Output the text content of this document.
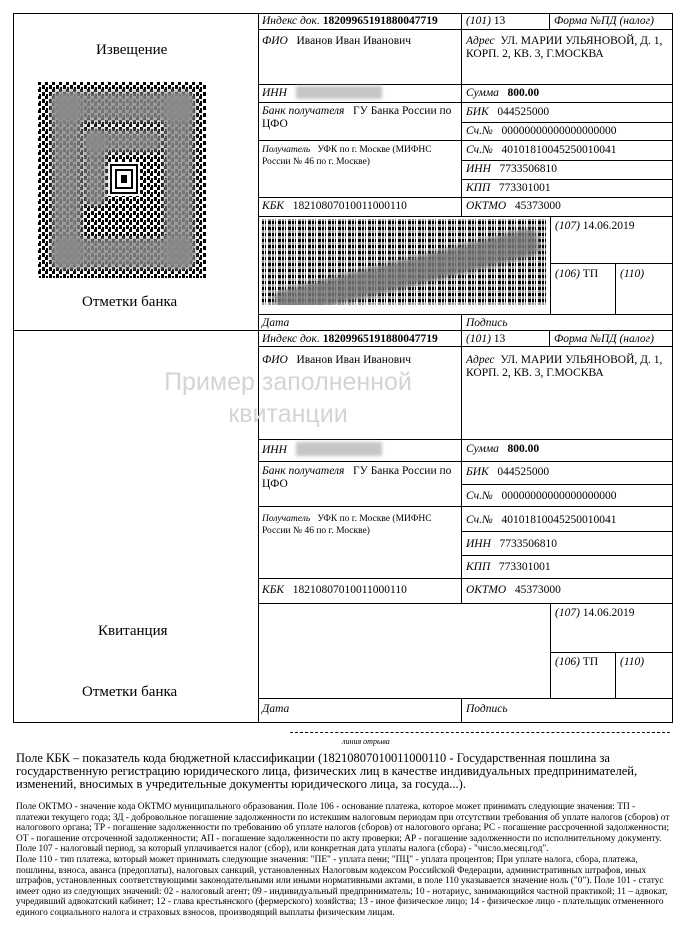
Извещение
Отметки банка
Индекс док. 18209965191880047719 (101) 13	Форма №ПД (налог)
ФИО Иванов Иван Иванович	Адрес УЛ. МАРИИ УЛЬЯНОВОЙ, Д. 1, КОРП. 2, КВ. 3, Г.МОСКВА
ИНН	Сумма 800.00
Банк получателя ГУ Банка России по ЦФО
БИК 044525000
Сч.№ 00000000000000000000
Получатель УФК по г. Москве (МИФНС России № 46 по г. Москве)
Сч.№ 40101810045250010041
ИНН 7733506810
КПП 773301001
КБК 18210807010011000110	ОКТМО 45373000
(107) 14.06.2019
(106) ТП (110)
Дата	Подпись
Пример заполненной квитанции
Индекс док. 18209965191880047719 (101) 13	Форма №ПД (налог)
ФИО Иванов Иван Иванович	Адрес УЛ. МАРИИ УЛЬЯНОВОЙ, Д. 1, КОРП. 2, КВ. 3, Г.МОСКВА
ИНН	Сумма 800.00
Банк получателя ГУ Банка России по ЦФО
БИК 044525000
Сч.№ 00000000000000000000
Получатель УФК по г. Москве (МИФНС России № 46 по г. Москве)
Сч.№ 40101810045250010041
ИНН 7733506810
КПП 773301001
КБК 18210807010011000110	ОКТМО 45373000
(107) 14.06.2019
(106) ТП (110)
Дата	Подпись
Квитанция
Отметки банка
линия отрыва
Поле КБК – показатель кода бюджетной классификации (18210807010011000110 - Государственная пошлина за государственную регистрацию юридического лица, физических лиц в качестве индивидуальных предпринимателей, изменений, вносимых в учредительные документы юридического лица, за госуда...).
Поле ОКТМО - значение кода ОКТМО муниципального образования. Поле 106 - основание платежа, которое может принимать следующие значения: ТП - платежи текущего года; ЗД - добровольное погашение задолженности по истекшим налоговым периодам при отсутствии требования об уплате налогов (сборов) от налогового органа; ТР - погашение задолженности по требованию об уплате налогов (сборов) от налогового органа; РС - погашение рассроченной задолженности; ОТ - погашение отсроченной задолженности; АП - погашение задолженности по акту проверки; АР - погашение задолженности по исполнительному документу. Поле 107 - налоговый период, за который уплачивается налог (сбор), или конкретная дата уплаты налога (сбора) - "число.месяц.год".
Поле 110 - тип платежа, который может принимать следующие значения: "ПЕ" - уплата пени; "ПЦ" - уплата процентов; При уплате налога, сбора, платежа, пошлины, взноса, аванса (предоплаты), налоговых санкций, установленных Налоговым кодексом Российской Федерации, административных штрафов, иных штрафов, установленных соответствующими законодательными или иными нормативными актами, в поле 110 указывается значение ноль ("0"). Поле 101 - статус имеет одно из следующих значений: 02 - налоговый агент; 09 - индивидуальный предприниматель; 10 - нотариус, занимающийся частной практикой; 11 – адвокат, учредивший адвокатский кабинет; 12 - глава крестьянского (фермерского) хозяйства; 13 - иное физическое лицо; 14 - физическое лицо - плательщик отмененного единого социального налога и страховых взносов, производящий выплаты физическим лицам.
